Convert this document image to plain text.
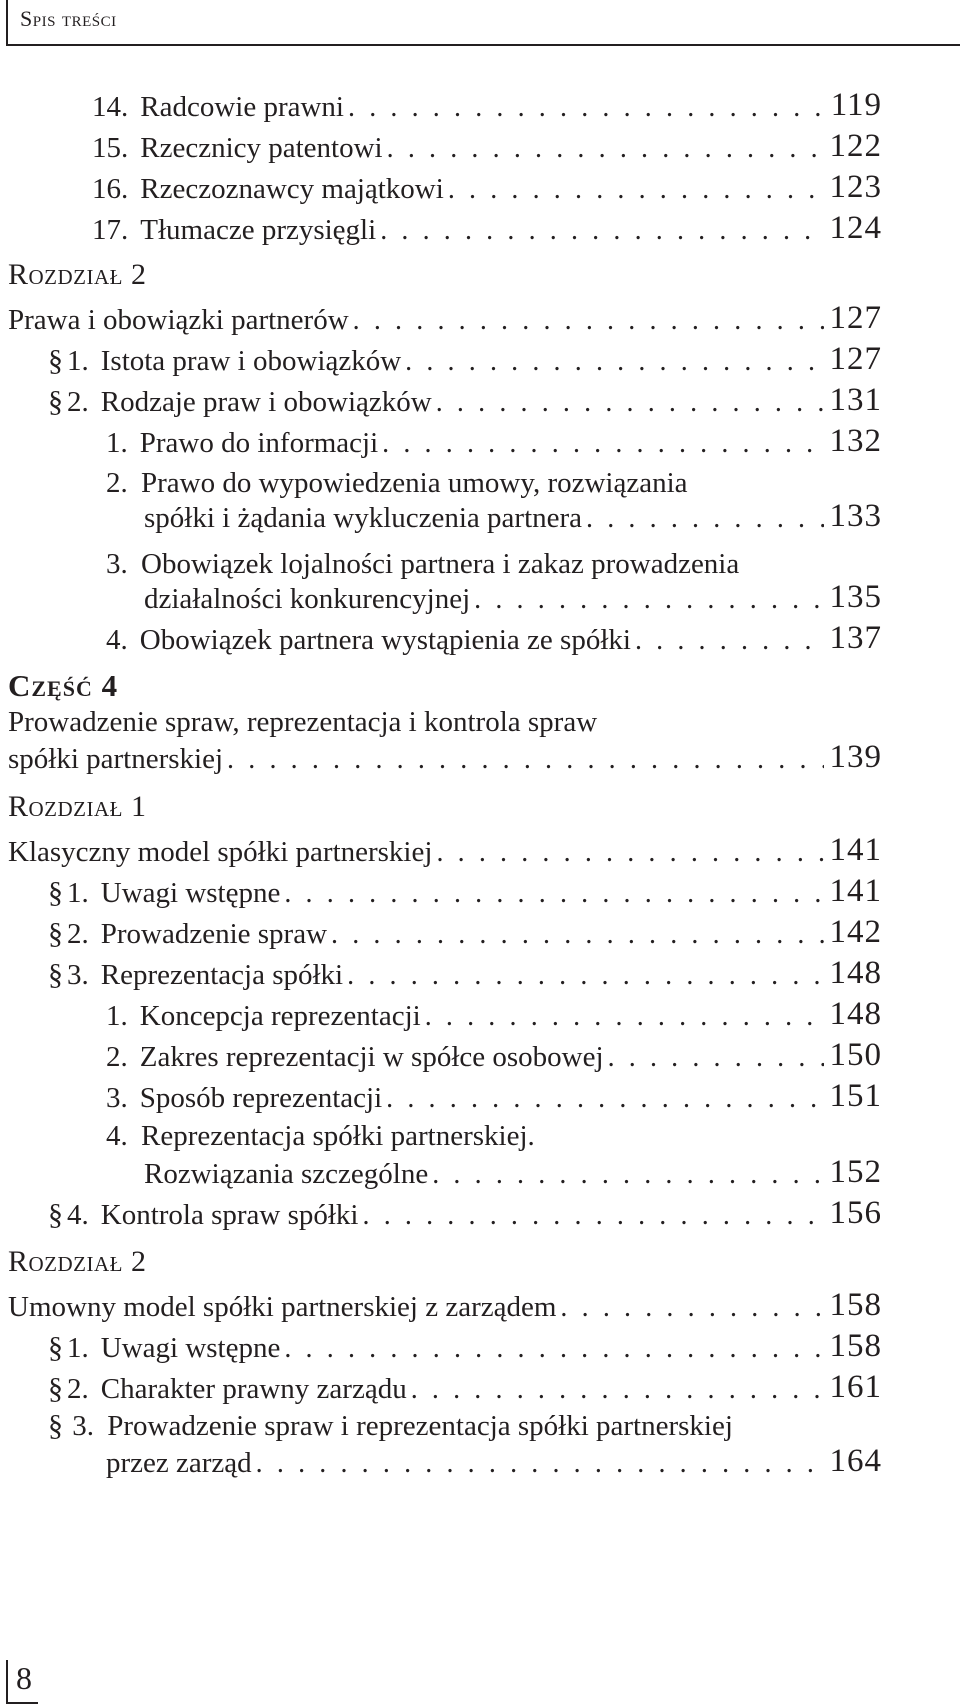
Spis treści
14. Radcowie prawni . . .	119
15. Rzecznicy patentowi . . .	122
16. Rzeczoznawcy majątkowi . . .	123
17. Tłumacze przysięgli . . .	124
Rozdział 2
Prawa i obowiązki partnerów . . .	127
§ 1. Istota praw i obowiązków . . .	127
§ 2. Rodzaje praw i obowiązków . . .	131
1. Prawo do informacji . . .	132
2. Prawo do wypowiedzenia umowy, rozwiązania
spółki i żądania wykluczenia partnera . . .	133
3. Obowiązek lojalności partnera i zakaz prowadzenia
działalności konkurencyjnej . . .	135
4. Obowiązek partnera wystąpienia ze spółki . . .	137
Część 4
Prowadzenie spraw, reprezentacja i kontrola spraw
spółki partnerskiej . . .	139
Rozdział 1
Klasyczny model spółki partnerskiej . . .	141
§ 1. Uwagi wstępne . . .	141
§ 2. Prowadzenie spraw . . .	142
§ 3. Reprezentacja spółki . . .	148
1. Koncepcja reprezentacji . . .	148
2. Zakres reprezentacji w spółce osobowej . . .	150
3. Sposób reprezentacji . . .	151
4. Reprezentacja spółki partnerskiej.
Rozwiązania szczególne . . .	152
§ 4. Kontrola spraw spółki . . .	156
Rozdział 2
Umowny model spółki partnerskiej z zarządem . . .	158
§ 1. Uwagi wstępne . . .	158
§ 2. Charakter prawny zarządu . . .	161
§ 3. Prowadzenie spraw i reprezentacja spółki partnerskiej
przez zarząd . . .	164
8
